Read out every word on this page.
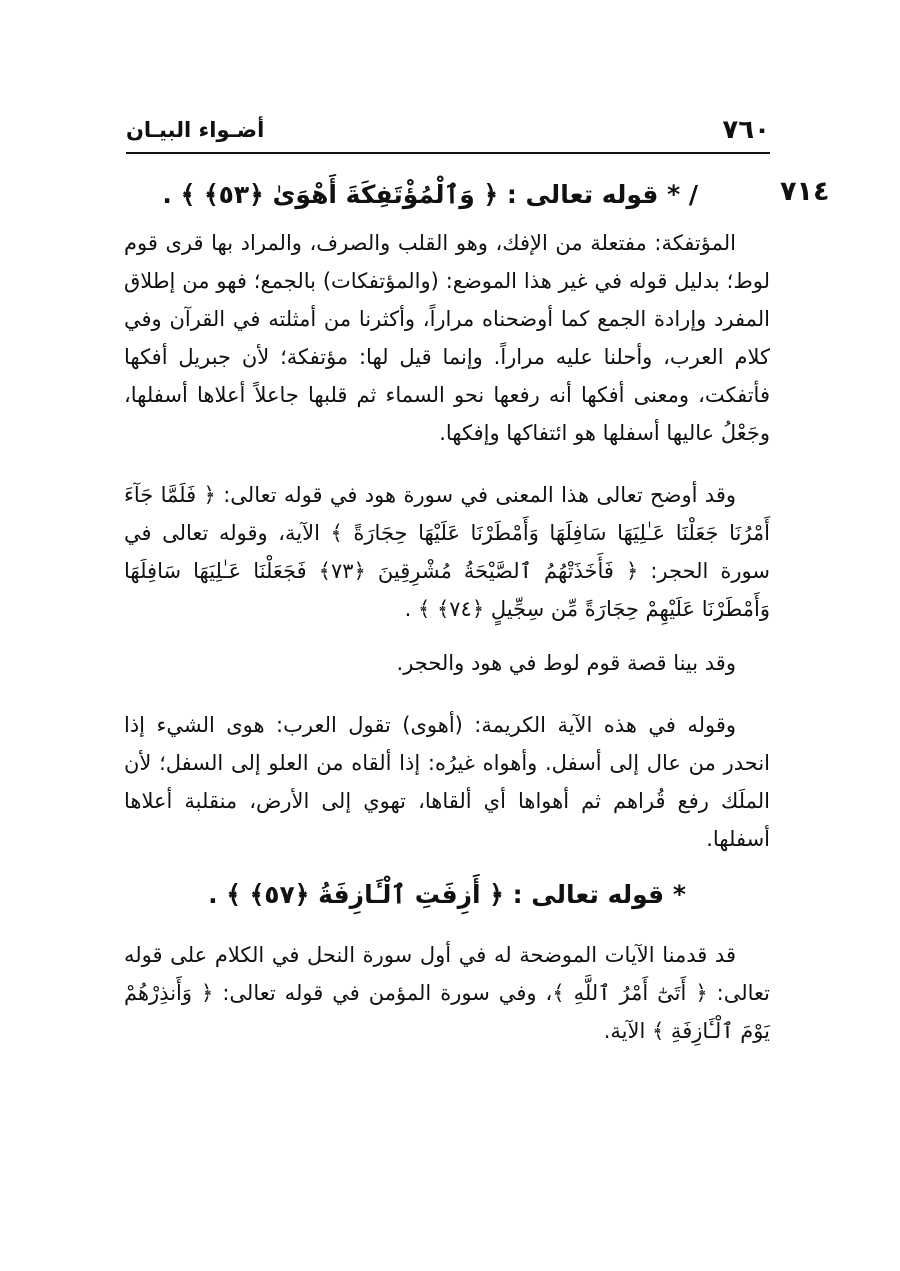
أضـواء البيـان	٧٦٠
٧١٤
/ * قوله تعالى : ﴿ وَٱلْمُؤْتَفِكَةَ أَهْوَىٰ ﴿٥٣﴾ ﴾ .

المؤتفكة: مفتعلة من الإفك، وهو القلب والصرف، والمراد بها قرى قوم لوط؛ بدليل قوله في غير هذا الموضع: (والمؤتفكات) بالجمع؛ فهو من إطلاق المفرد وإرادة الجمع كما أوضحناه مراراً، وأكثرنا من أمثلته في القرآن وفي كلام العرب، وأحلنا عليه مراراً. وإنما قيل لها: مؤتفكة؛ لأن جبريل أفكها فأتفكت، ومعنى أفكها أنه رفعها نحو السماء ثم قلبها جاعلاً أعلاها أسفلها، وجَعْلُ عاليها أسفلها هو ائتفاكها وإفكها.

وقد أوضح تعالى هذا المعنى في سورة هود في قوله تعالى: ﴿ فَلَمَّا جَآءَ أَمْرُنَا جَعَلْنَا عَـٰلِيَهَا سَافِلَهَا وَأَمْطَرْنَا عَلَيْهَا حِجَارَةً ﴾ الآية، وقوله تعالى في سورة الحجر: ﴿ فَأَخَذَتْهُمُ ٱلصَّيْحَةُ مُشْرِقِينَ ﴿٧٣﴾ فَجَعَلْنَا عَـٰلِيَهَا سَافِلَهَا وَأَمْطَرْنَا عَلَيْهِمْ حِجَارَةً مِّن سِجِّيلٍ ﴿٧٤﴾ ﴾ .

وقد بينا قصة قوم لوط في هود والحجر.

وقوله في هذه الآية الكريمة: (أهوى) تقول العرب: هوى الشيء إذا انحدر من عال إلى أسفل. وأهواه غيرُه: إذا ألقاه من العلو إلى السفل؛ لأن الملَك رفع قُراهم ثم أهواها أي ألقاها، تهوي إلى الأرض، منقلبة أعلاها أسفلها.

* قوله تعالى : ﴿ أَزِفَتِ ٱلْـَٔازِفَةُ ﴿٥٧﴾ ﴾ .

قد قدمنا الآيات الموضحة له في أول سورة النحل في الكلام على قوله تعالى: ﴿ أَتَىٰٓ أَمْرُ ٱللَّهِ ﴾، وفي سورة المؤمن في قوله تعالى: ﴿ وَأَنذِرْهُمْ يَوْمَ ٱلْـَٔازِفَةِ ﴾ الآية.
